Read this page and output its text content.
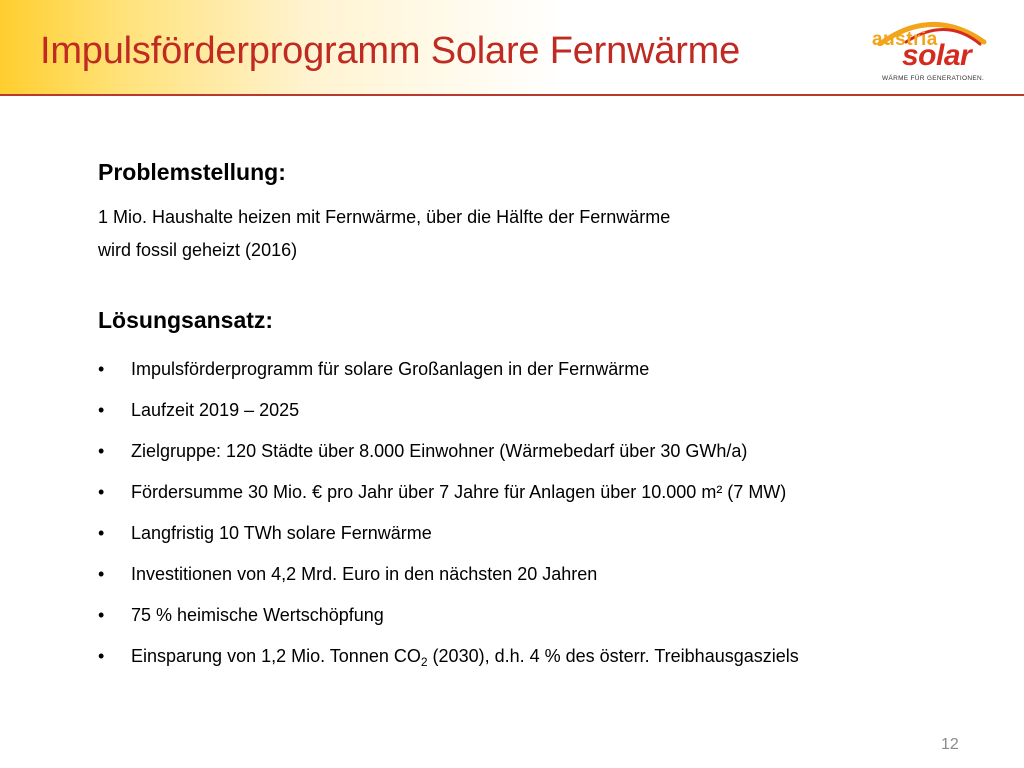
Impulsförderprogramm Solare Fernwärme	austria
solar
WÄRME FÜR GENERATIONEN.
Problemstellung:

1 Mio. Haushalte heizen mit Fernwärme, über die Hälfte der Fernwärme

wird fossil geheizt (2016)

Lösungsansatz:
• Impulsförderprogramm für solare Großanlagen in der Fernwärme
• Laufzeit 2019 – 2025
• Zielgruppe: 120 Städte über 8.000 Einwohner (Wärmebedarf über 30 GWh/a)
• Fördersumme 30 Mio. € pro Jahr über 7 Jahre für Anlagen über 10.000 m² (7 MW)
• Langfristig 10 TWh solare Fernwärme
• Investitionen von 4,2 Mrd. Euro in den nächsten 20 Jahren
• 75 % heimische Wertschöpfung
• Einsparung von 1,2 Mio. Tonnen $CO_2$ (2030), d.h. 4 % des österr. Treibhausgasziels
12
